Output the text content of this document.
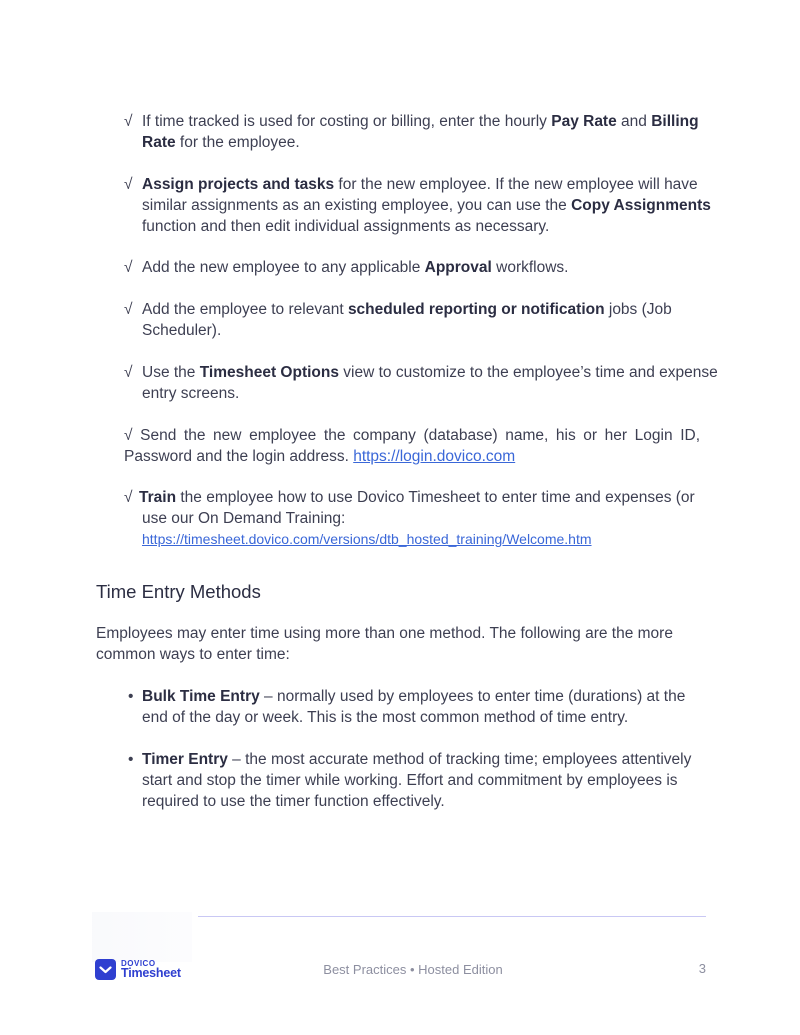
√ If time tracked is used for costing or billing, enter the hourly Pay Rate and Billing Rate for the employee.

√ Assign projects and tasks for the new employee. If the new employee will have similar assignments as an existing employee, you can use the Copy Assignments function and then edit individual assignments as necessary.

√ Add the new employee to any applicable Approval workflows.

√ Add the employee to relevant scheduled reporting or notification jobs (Job Scheduler).

√ Use the Timesheet Options view to customize to the employee’s time and expense entry screens.

√ Send the new employee the company (database) name, his or her Login ID, Password and the login address. https://login.dovico.com

√ Train the employee how to use Dovico Timesheet to enter time and expenses (or use our On Demand Training:
https://timesheet.dovico.com/versions/dtb_hosted_training/Welcome.htm

Time Entry Methods

Employees may enter time using more than one method. The following are the more common ways to enter time:

• Bulk Time Entry – normally used by employees to enter time (durations) at the end of the day or week. This is the most common method of time entry.
• Timer Entry – the most accurate method of tracking time; employees attentively start and stop the timer while working. Effort and commitment by employees is required to use the timer function effectively.
DOVICO
Timesheet	Best Practices • Hosted Edition	3
